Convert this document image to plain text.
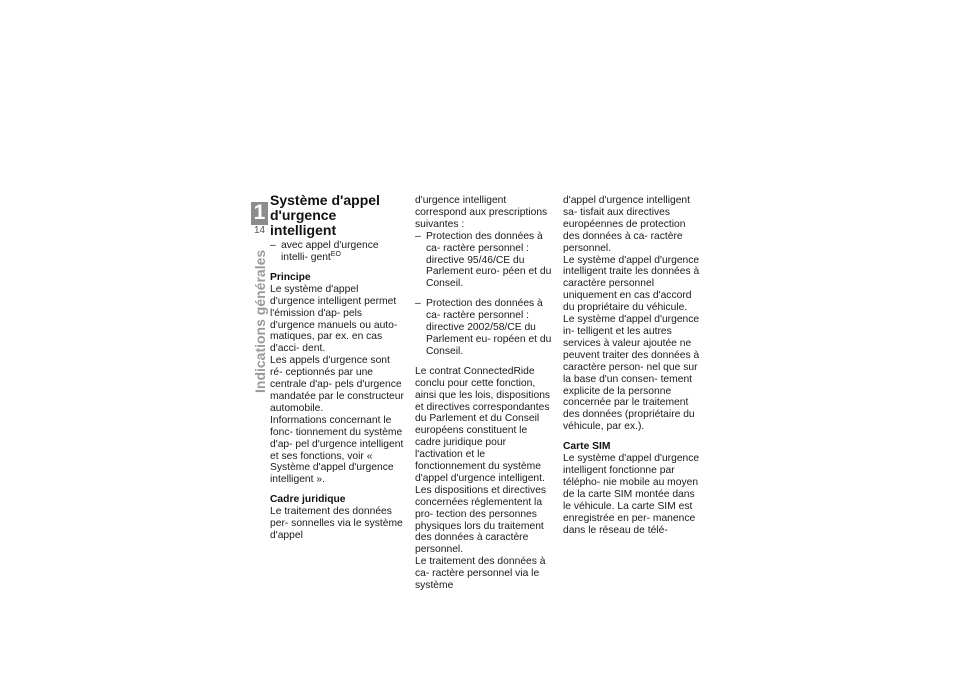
1
14
Indications générales
Système d'appel d'urgence intelligent

– avec appel d'urgence intelli- gent$^{EO}$

Principe

Le système d'appel d'urgence intelligent permet l'émission d'ap- pels d'urgence manuels ou auto- matiques, par ex. en cas d'acci- dent.

Les appels d'urgence sont ré- ceptionnés par une centrale d'ap- pels d'urgence mandatée par le constructeur automobile.

Informations concernant le fonc- tionnement du système d'ap- pel d'urgence intelligent et ses fonctions, voir « Système d'appel d'urgence intelligent ».

Cadre juridique

Le traitement des données per- sonnelles via le système d'appel

d'urgence intelligent correspond aux prescriptions suivantes :

– Protection des données à ca- ractère personnel : directive 95/46/CE du Parlement euro- péen et du Conseil.

– Protection des données à ca- ractère personnel : directive 2002/58/CE du Parlement eu- ropéen et du Conseil.

Le contrat ConnectedRide conclu pour cette fonction, ainsi que les lois, dispositions et directives correspondantes du Parlement et du Conseil européens constituent le cadre juridique pour l'activation et le fonctionnement du système d'appel d'urgence intelligent.

Les dispositions et directives concernées réglementent la pro- tection des personnes physiques lors du traitement des données à caractère personnel.

Le traitement des données à ca- ractère personnel via le système

d'appel d'urgence intelligent sa- tisfait aux directives européennes de protection des données à ca- ractère personnel.

Le système d'appel d'urgence intelligent traite les données à caractère personnel uniquement en cas d'accord du propriétaire du véhicule.

Le système d'appel d'urgence in- telligent et les autres services à valeur ajoutée ne peuvent traiter des données à caractère person- nel que sur la base d'un consen- tement explicite de la personne concernée par le traitement des données (propriétaire du véhicule, par ex.).

Carte SIM

Le système d'appel d'urgence intelligent fonctionne par télépho- nie mobile au moyen de la carte SIM montée dans le véhicule. La carte SIM est enregistrée en per- manence dans le réseau de télé-
